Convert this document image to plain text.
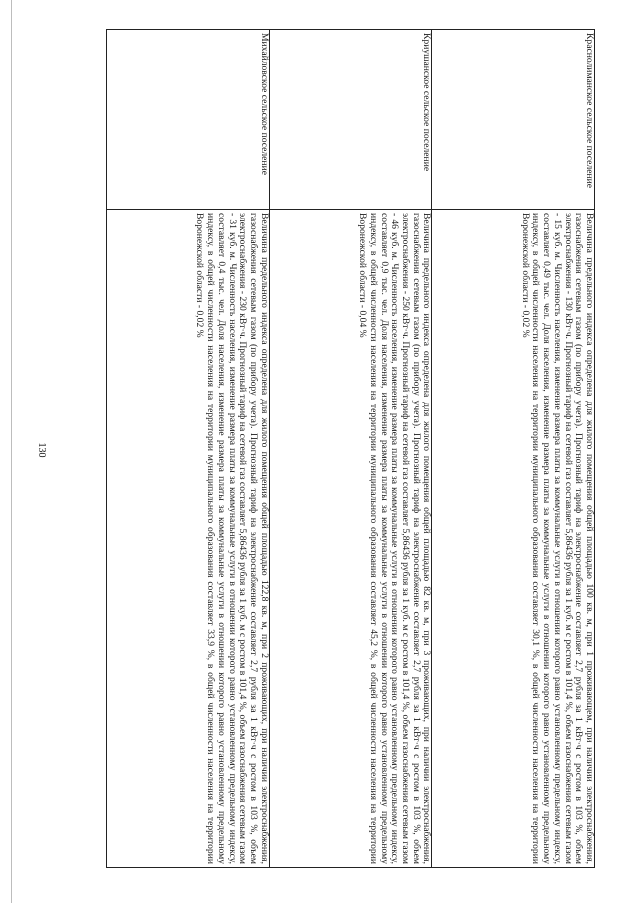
130
Краснолиманское сельское поселение	Величина предельного индекса определена для жилого помещения общей площадью 100 кв. м, при 1 проживающем, при наличии электроснабжения, газоснабжения сетевым газом (по прибору учета). Прогнозный тариф на электроснабжение составляет 2,7 рубля за 1 кВт·ч с ростом в 103 %, объем электроснабжения - 130 кВт·ч. Прогнозный тариф на сетевой газ составляет 5,86436 рубля за 1 куб. м с ростом в 101,4 %, объем газоснабжения сетевым газом - 15 куб. м. Численность населения, изменение размера платы за коммунальные услуги в отношении которого равно установленному предельному индексу, составляет 0,49 тыс. чел. Доля населения, изменение размера платы за коммунальные услуги в отношении которого равно установленному предельному индексу, в общей численности населения на территории муниципального образования составляет 30,1 %, в общей численности населения на территории Воронежской области - 0,02 %
Криушанское сельское поселение	Величина предельного индекса определена для жилого помещения общей площадью 82 кв. м, при 3 проживающих, при наличии электроснабжения, газоснабжения сетевым газом (по прибору учета). Прогнозный тариф на электроснабжение составляет 2,7 рубля за 1 кВт·ч с ростом в 103 %, объем электроснабжения - 250 кВт·ч. Прогнозный тариф на сетевой газ составляет 5,86436 рубля за 1 куб. м с ростом в 101,4 %, объем газоснабжения сетевым газом - 46 куб. м. Численность населения, изменение размера платы за коммунальные услуги в отношении которого равно установленному предельному индексу, составляет 0,9 тыс. чел. Доля населения, изменение размера платы за коммунальные услуги в отношении которого равно установленному предельному индексу, в общей численности населения на территории муниципального образования составляет 45,2 %, в общей численности населения на территории Воронежской области - 0,04 %
Михайловское сельское поселение	Величина предельного индекса определена для жилого помещения общей площадью 122,8 кв. м, при 2 проживающих, при наличии электроснабжения, газоснабжения сетевым газом (по прибору учета). Прогнозный тариф на электроснабжение составляет 2,7 рубля за 1 кВт·ч с ростом в 103 %, объем электроснабжения - 230 кВт·ч. Прогнозный тариф на сетевой газ составляет 5,86436 рубля за 1 куб. м с ростом в 101,4 %, объем газоснабжения сетевым газом - 31 куб. м. Численность населения, изменение размера платы за коммунальные услуги в отношении которого равно установленному предельному индексу, составляет 0,4 тыс. чел. Доля населения, изменение размера платы за коммунальные услуги в отношении которого равно установленному предельному индексу, в общей численности населения на территории муниципального образования составляет 33,9 %, в общей численности населения на территории Воронежской области - 0,02 %
